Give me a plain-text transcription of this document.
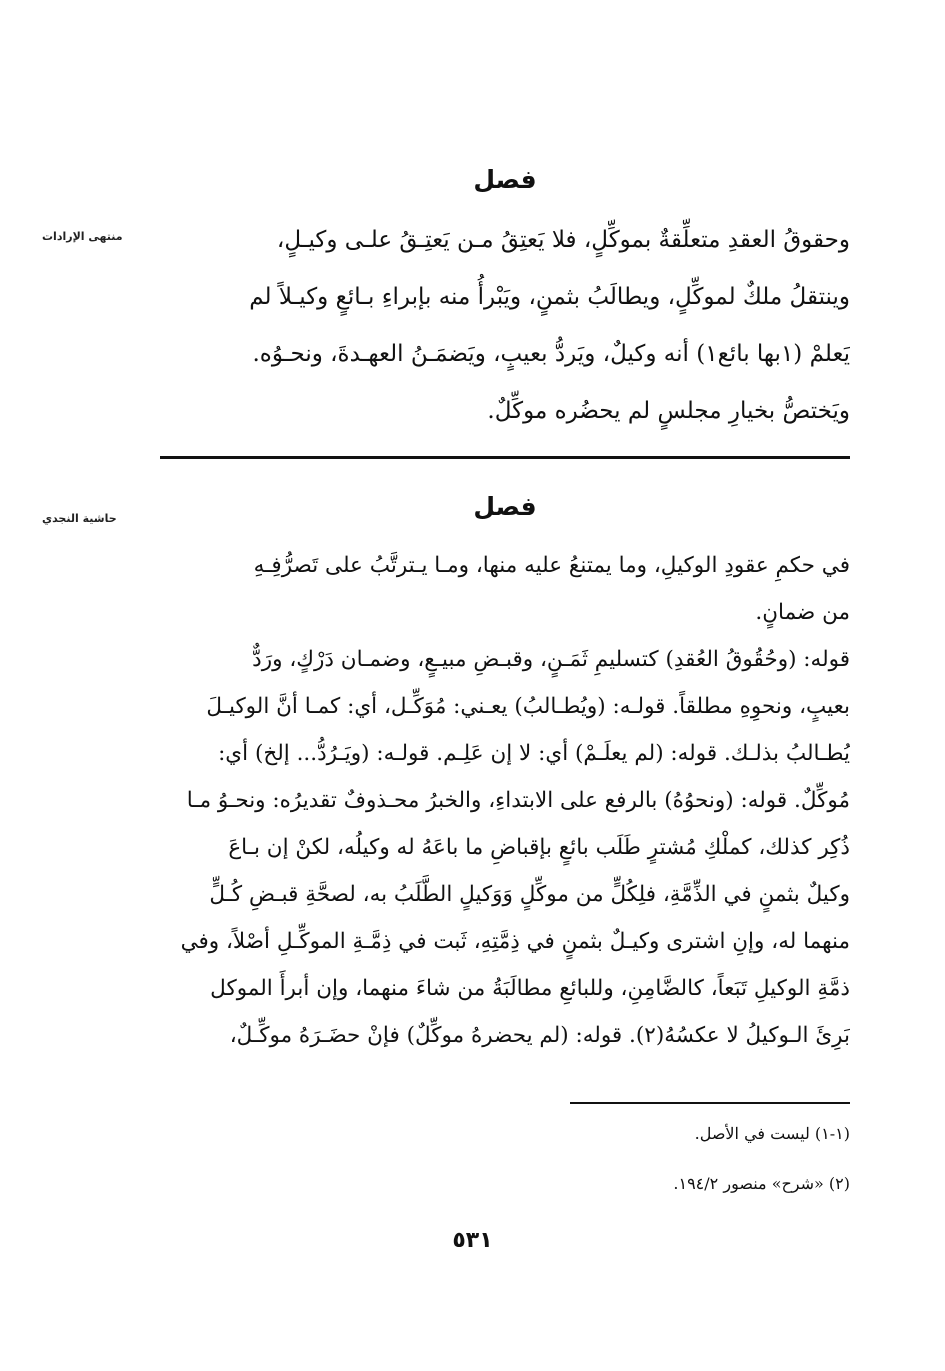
منتهى الإرادات
فصل
وحقوقُ العقدِ متعلِّقةٌ بموكِّلٍ، فلا يَعتِقُ مـن يَعتِـقُ علـى وكيـلٍ،
وينتقلُ ملكٌ لموكِّلٍ، ويطالَبُ بثمنٍ، ويَبْرأُ منه بإبراءِ بـائعٍ وكيـلاً لم
يَعلمْ (١بها بائع١) أنه وكيلٌ، ويَردُّ بعيبٍ، ويَضمَـنُ العهـدةَ، ونحـوُه.
ويَختصُّ بخيارِ مجلسٍ لم يحضُره موكِّلٌ.
حاشية النجدي	فصل
في حكمِ عقودِ الوكيلِ، وما يمتنعُ عليه منها، ومـا يـترتَّبُ على تَصرُّفِـهِ
من ضمانٍ.
قوله: (وحُقُوقُ العُقدِ) كتسليمِ ثَمَـنٍ، وقبـضِ مبيـعٍ، وضمـان دَرْكٍ، ورَدٌّ
بعيبٍ، ونحوِهِ مطلقاً. قولـه: (ويُطـالبُ) يعـني: مُوَكِّـل، أي: كمـا أنَّ الوكيـلَ
يُطـالبُ بذلـك. قوله: (لم يعلَـمْ) أي: لا إن عَلِـم. قولـه: (ويَـرُدُّ... إلخ) أي:
مُوكِّلٌ. قوله: (ونحوُهُ) بالرفع على الابتداءِ، والخبرُ محـذوفٌ تقديرُه: ونحـوُ مـا
ذُكِر كذلك، كملْكِ مُشترٍ طَلَب بائعٍ بإقباضِ ما باعَهُ له وكيلُه، لكنْ إن بـاعَ
وكيلٌ بثمنٍ في الذِّمَّةِ، فلِكُلٍّ من موكِّلٍ وَوَكيلٍ الطَّلَبُ به، لصحَّةِ قبـضِ كُـلٍّ
منهما له، وإنِ اشترى وكيـلٌ بثمنٍ في ذِمَّتِهِ، ثَبت في ذِمَّـةِ الموكِّـلِ أصْلاً، وفي
ذمَّةِ الوكيلِ تَبَعاً، كالضَّامِنِ، وللبائعِ مطالَبَةُ من شاءَ منهما، وإن أبرأَ الموكل
بَرِئَ الـوكيلُ لا عكسُهُ(٢). قوله: (لم يحضرهُ موكِّلٌ) فإنْ حضَـرَهُ موكِّـلٌ،
(١-١) ليست في الأصل.
(٢) «شرح» منصور ١٩٤/٢.
٥٣١
